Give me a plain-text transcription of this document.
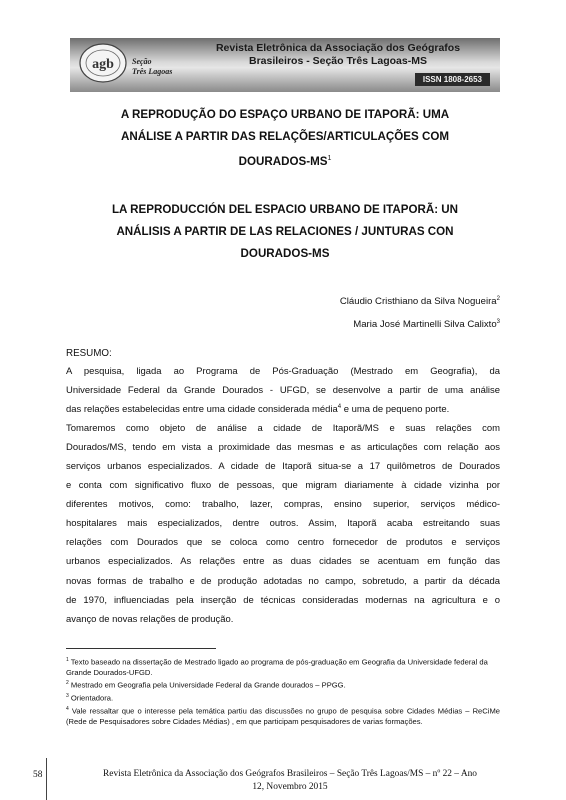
agb Seção
Três Lagoas
Revista Eletrônica da Associação dos Geógrafos
Brasileiros - Seção Três Lagoas-MS
ISSN 1808-2653

A REPRODUÇÃO DO ESPAÇO URBANO DE ITAPORÃ: UMA

ANÁLISE A PARTIR DAS RELAÇÕES/ARTICULAÇÕES COM

DOURADOS-$MS^1$

LA REPRODUCCIÓN DEL ESPACIO URBANO DE ITAPORÃ: UN

ANÁLISIS A PARTIR DE LAS RELACIONES / JUNTURAS CON

DOURADOS-MS

Cláudio Cristhiano da Silva Nogueira$^2$

Maria José Martinelli Silva Calixto$^3$

RESUMO:
A pesquisa, ligada ao Programa de Pós-Graduação (Mestrado em Geografia), da
Universidade Federal da Grande Dourados - UFGD, se desenvolve a partir de uma análise
das relações estabelecidas entre uma cidade considerada média$^4$ e uma de pequeno porte.
Tomaremos como objeto de análise a cidade de Itaporã/MS e suas relações com
Dourados/MS, tendo em vista a proximidade das mesmas e as articulações com relação aos
serviços urbanos especializados. A cidade de Itaporã situa-se a 17 quilômetros de Dourados
e conta com significativo fluxo de pessoas, que migram diariamente à cidade vizinha por
diferentes motivos, como: trabalho, lazer, compras, ensino superior, serviços médico-
hospitalares mais especializados, dentre outros. Assim, Itaporã acaba estreitando suas
relações com Dourados que se coloca como centro fornecedor de produtos e serviços
urbanos especializados. As relações entre as duas cidades se acentuam em função das
novas formas de trabalho e de produção adotadas no campo, sobretudo, a partir da década
de 1970, influenciadas pela inserção de técnicas consideradas modernas na agricultura e o
avanço de novas relações de produção.

$^1$ Texto baseado na dissertação de Mestrado ligado ao programa de pós-graduação em Geografia da Universidade federal da Grande Dourados-UFGD.

$^2$ Mestrado em Geografia pela Universidade Federal da Grande dourados – PPGG.

$^3$ Orientadora.

$^4$ Vale ressaltar que o interesse pela temática partiu das discussões no grupo de pesquisa sobre Cidades Médias – ReCiMe (Rede de Pesquisadores sobre Cidades Médias) , em que participam pesquisadores de varias formações.

58	Revista Eletrônica da Associação dos Geógrafos Brasileiros – Seção Três Lagoas/MS – nº 22 – Ano

12, Novembro 2015
